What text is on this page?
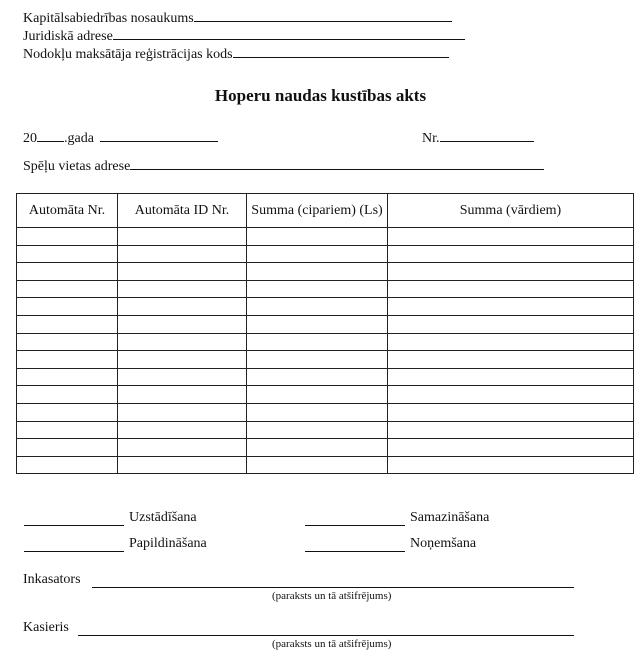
Kapitālsabiedrības nosaukums
Juridiskā adrese
Nodokļu maksātāja reģistrācijas kods
Hoperu naudas kustības akts
20 .gada	Nr.
Spēļu vietas adrese
Automāta Nr.	Automāta ID Nr.	Summa (cipariem) (Ls)	Summa (vārdiem)

Uzstādīšana	Samazināšana
Papildināšana	Noņemšana
Inkasators
(paraksts un tā atšifrējums)
Kasieris
(paraksts un tā atšifrējums)
